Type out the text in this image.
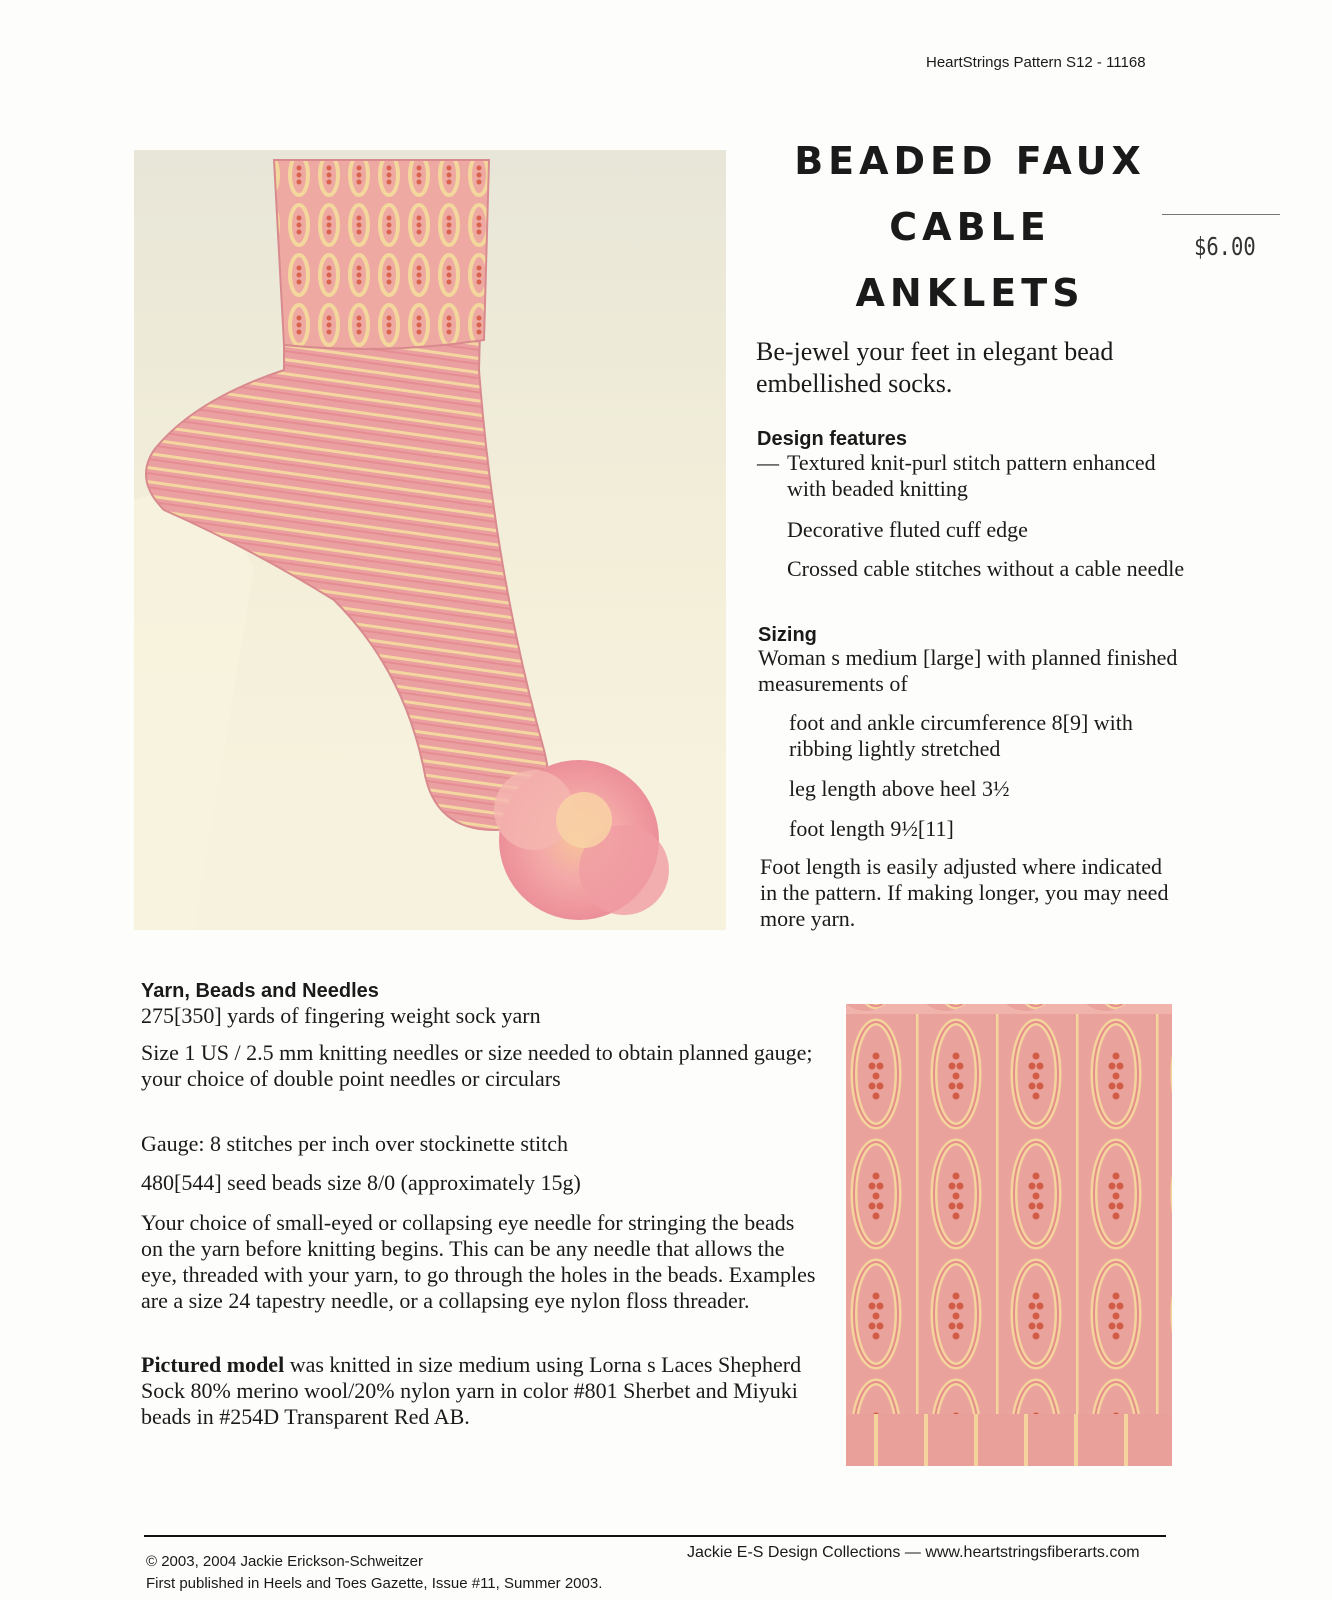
HeartStrings Pattern S12 - 11168
BEADED FAUX
CABLE
ANKLETS
$6.00
Be-jewel your feet in elegant bead embellished socks.
Design features
— Textured knit-purl stitch pattern enhanced with beaded knitting
Decorative fluted cuff edge
Crossed cable stitches without a cable needle
Sizing
Woman s medium [large] with planned finished measurements of
foot and ankle circumference 8[9] with ribbing lightly stretched
leg length above heel 3½
foot length 9½[11]
Foot length is easily adjusted where indicated in the pattern. If making longer, you may need more yarn.
Yarn, Beads and Needles
275[350] yards of fingering weight sock yarn
Size 1 US / 2.5 mm knitting needles or size needed to obtain planned gauge; your choice of double point needles or circulars
Gauge: 8 stitches per inch over stockinette stitch
480[544] seed beads size 8/0 (approximately 15g)
Your choice of small-eyed or collapsing eye needle for stringing the beads on the yarn before knitting begins. This can be any needle that allows the eye, threaded with your yarn, to go through the holes in the beads. Examples are a size 24 tapestry needle, or a collapsing eye nylon floss threader.
Pictured model was knitted in size medium using Lorna s Laces Shepherd Sock 80% merino wool/20% nylon yarn in color #801 Sherbet and Miyuki beads in #254D Transparent Red AB.
© 2003, 2004 Jackie Erickson-Schweitzer
First published in Heels and Toes Gazette, Issue #11, Summer 2003.
Jackie E-S Design Collections — www.heartstringsfiberarts.com
